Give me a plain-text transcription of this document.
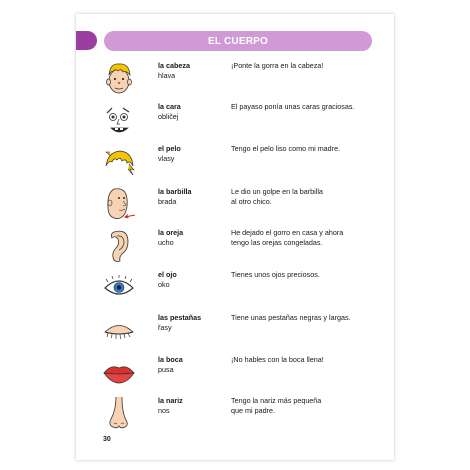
EL CUERPO
la cabeza
hlava
¡Ponte la gorra en la cabeza!
la cara
obličej
El payaso ponía unas caras graciosas.
el pelo
vlasy
Tengo el pelo liso como mi madre.
la barbilla
brada
Le dio un golpe en la barbilla
al otro chico.
la oreja
ucho
He dejado el gorro en casa y ahora
tengo las orejas congeladas.
el ojo
oko
Tienes unos ojos preciosos.
las pestañas
řasy
Tiene unas pestañas negras y largas.
la boca
pusa
¡No hables con la boca llena!
la nariz
nos
Tengo la nariz más pequeña
que mi padre.
30
